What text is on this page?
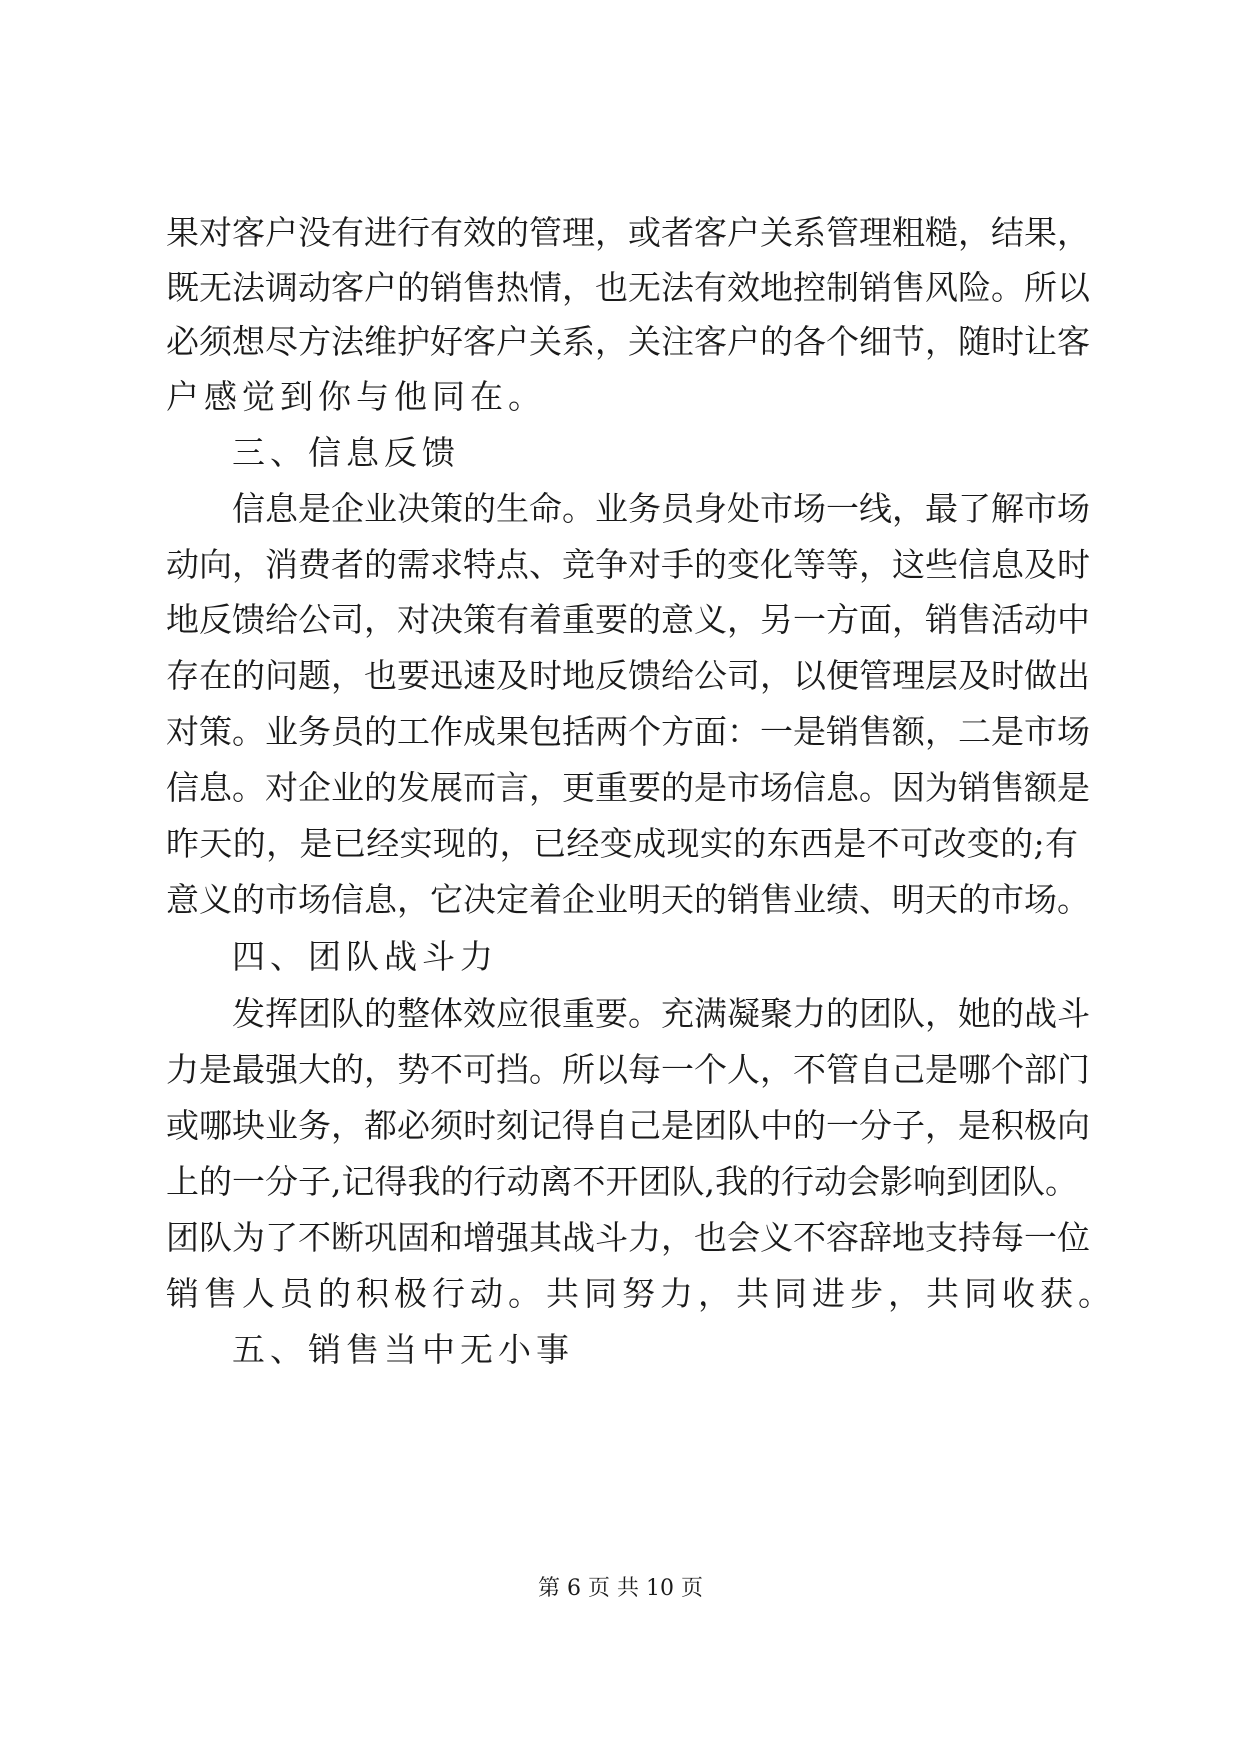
果对客户没有进行有效的管理，或者客户关系管理粗糙，结果，
既无法调动客户的销售热情，也无法有效地控制销售风险。所以
必须想尽方法维护好客户关系，关注客户的各个细节，随时让客
户感觉到你与他同在。
三、信息反馈
信息是企业决策的生命。业务员身处市场一线，最了解市场
动向，消费者的需求特点、竞争对手的变化等等，这些信息及时
地反馈给公司，对决策有着重要的意义，另一方面，销售活动中
存在的问题，也要迅速及时地反馈给公司，以便管理层及时做出
对策。业务员的工作成果包括两个方面：一是销售额，二是市场
信息。对企业的发展而言，更重要的是市场信息。因为销售额是
昨天的，是已经实现的，已经变成现实的东西是不可改变的;有
意义的市场信息，它决定着企业明天的销售业绩、明天的市场。
四、团队战斗力
发挥团队的整体效应很重要。充满凝聚力的团队，她的战斗
力是最强大的，势不可挡。所以每一个人，不管自己是哪个部门
或哪块业务，都必须时刻记得自己是团队中的一分子，是积极向
上的一分子,记得我的行动离不开团队,我的行动会影响到团队。
团队为了不断巩固和增强其战斗力，也会义不容辞地支持每一位
销售人员的积极行动。共同努力，共同进步，共同收获。
五、销售当中无小事
第 6 页 共 10 页
